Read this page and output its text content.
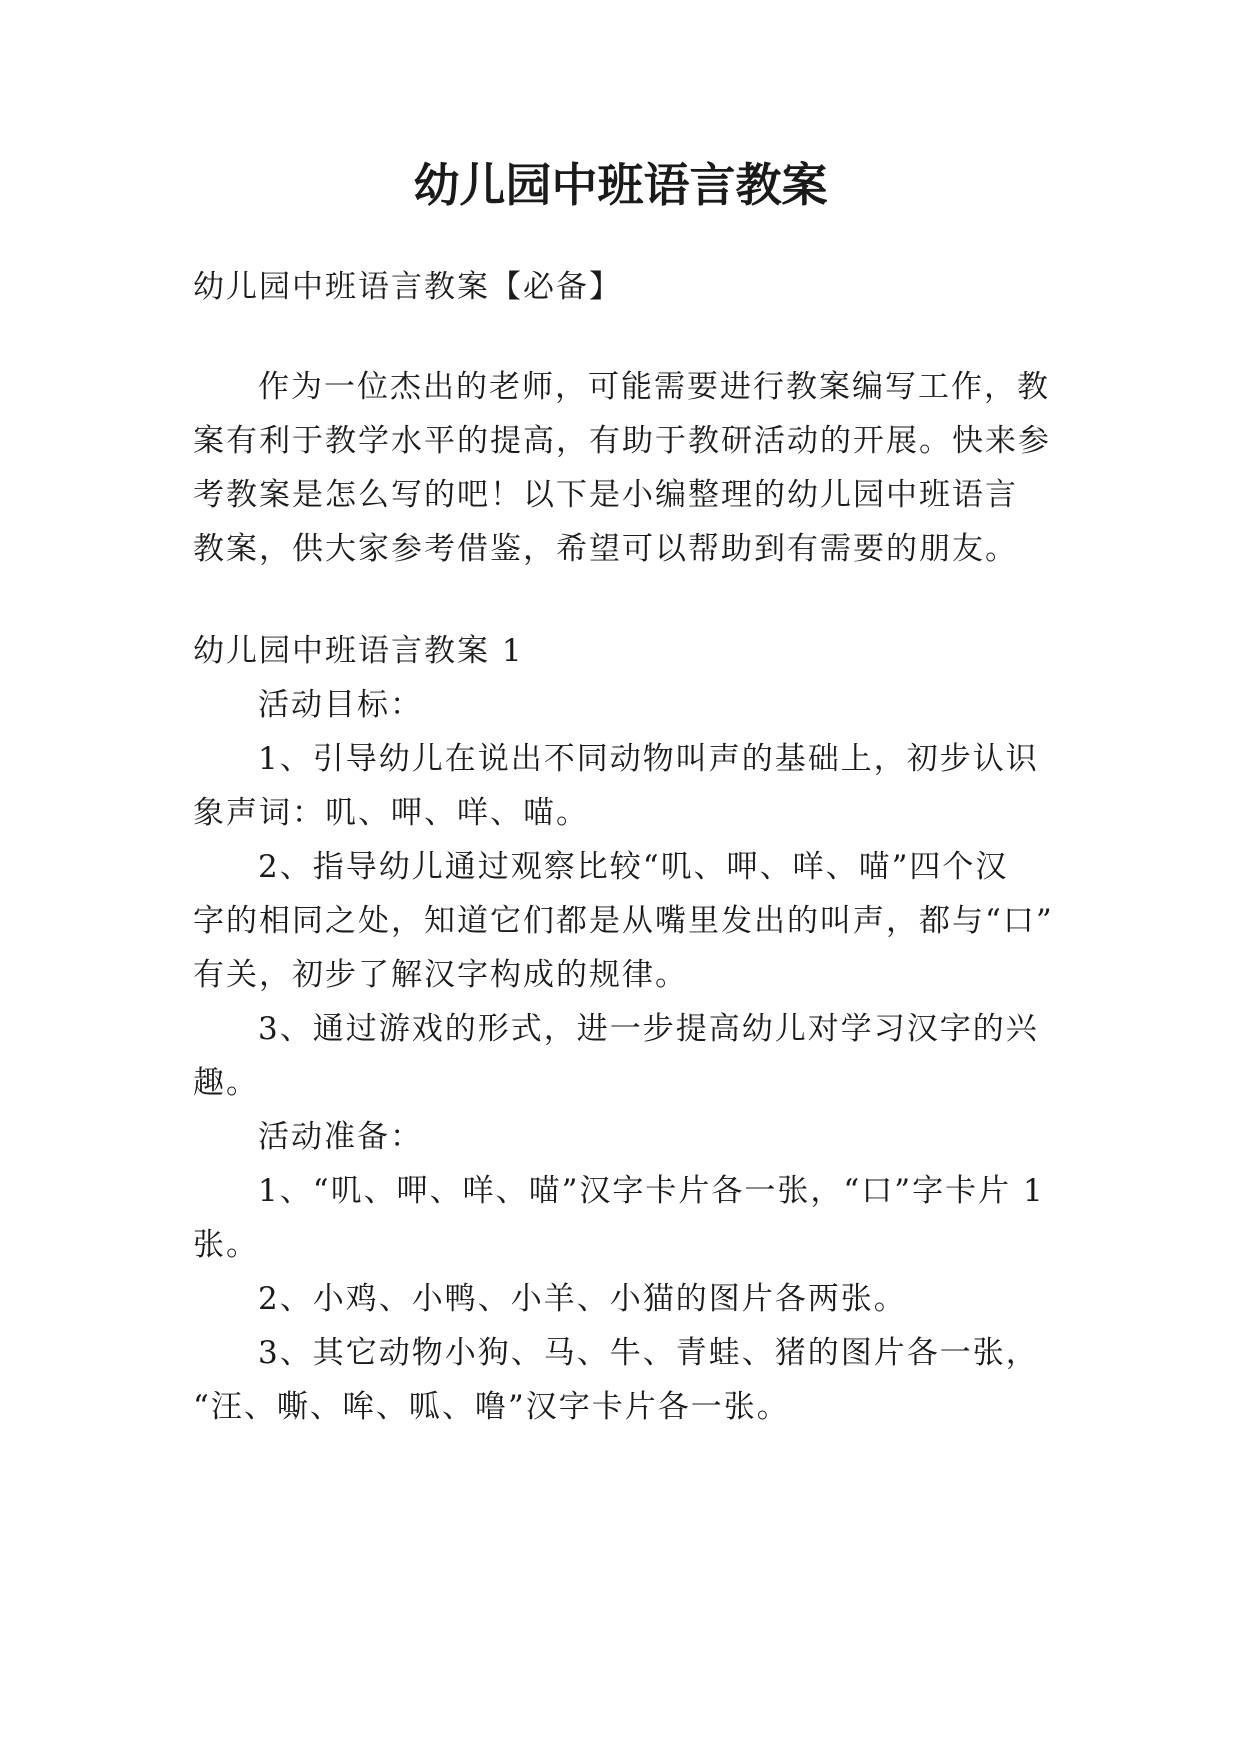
幼儿园中班语言教案

幼儿园中班语言教案【必备】

作为一位杰出的老师，可能需要进行教案编写工作，教

案有利于教学水平的提高，有助于教研活动的开展。快来参

考教案是怎么写的吧！以下是小编整理的幼儿园中班语言

教案，供大家参考借鉴，希望可以帮助到有需要的朋友。

幼儿园中班语言教案 1

活动目标：

1、引导幼儿在说出不同动物叫声的基础上，初步认识

象声词：叽、呷、咩、喵。

2、指导幼儿通过观察比较“叽、呷、咩、喵”四个汉

字的相同之处，知道它们都是从嘴里发出的叫声，都与“口”

有关，初步了解汉字构成的规律。

3、通过游戏的形式，进一步提高幼儿对学习汉字的兴

趣。

活动准备：

1、“叽、呷、咩、喵”汉字卡片各一张，“口”字卡片 1

张。

2、小鸡、小鸭、小羊、小猫的图片各两张。

3、其它动物小狗、马、牛、青蛙、猪的图片各一张，

“汪、嘶、哞、呱、噜”汉字卡片各一张。
